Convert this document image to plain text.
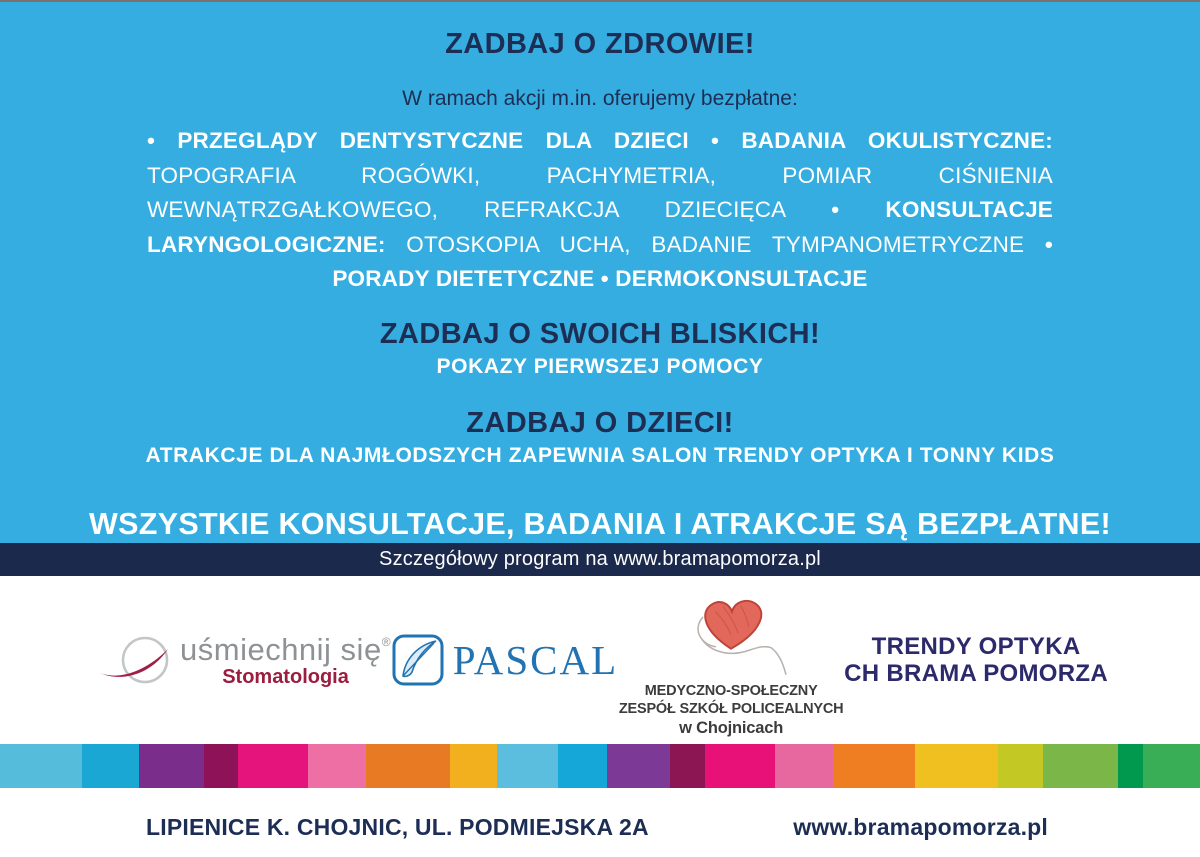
ZADBAJ O ZDROWIE!
W ramach akcji m.in. oferujemy bezpłatne:

• PRZEGLĄDY DENTYSTYCZNE DLA DZIECI • BADANIA OKULISTYCZNE: TOPOGRAFIA ROGÓWKI, PACHYMETRIA, POMIAR CIŚNIENIA WEWNĄTRZGAŁKOWEGO, REFRAKCJA DZIECIĘCA • KONSULTACJE LARYNGOLOGICZNE: OTOSKOPIA UCHA, BADANIE TYMPANOMETRYCZNE • PORADY DIETETYCZNE • DERMOKONSULTACJE

ZADBAJ O SWOICH BLISKICH!
POKAZY PIERWSZEJ POMOCY
ZADBAJ O DZIECI!
ATRAKCJE DLA NAJMŁODSZYCH ZAPEWNIA SALON TRENDY OPTYKA I TONNY KIDS
WSZYSTKIE KONSULTACJE, BADANIA I ATRAKCJE SĄ BEZPŁATNE!
Szczegółowy program na www.bramapomorza.pl
uśmiechnij się®
Stomatologia	PASCAL
MEDYCZNO-SPOŁECZNY
ZESPÓŁ SZKÓŁ POLICEALNYCH
w Chojnicach
TRENDY OPTYKA
CH BRAMA POMORZA
LIPIENICE K. CHOJNIC, UL. PODMIEJSKA 2A	www.bramapomorza.pl
